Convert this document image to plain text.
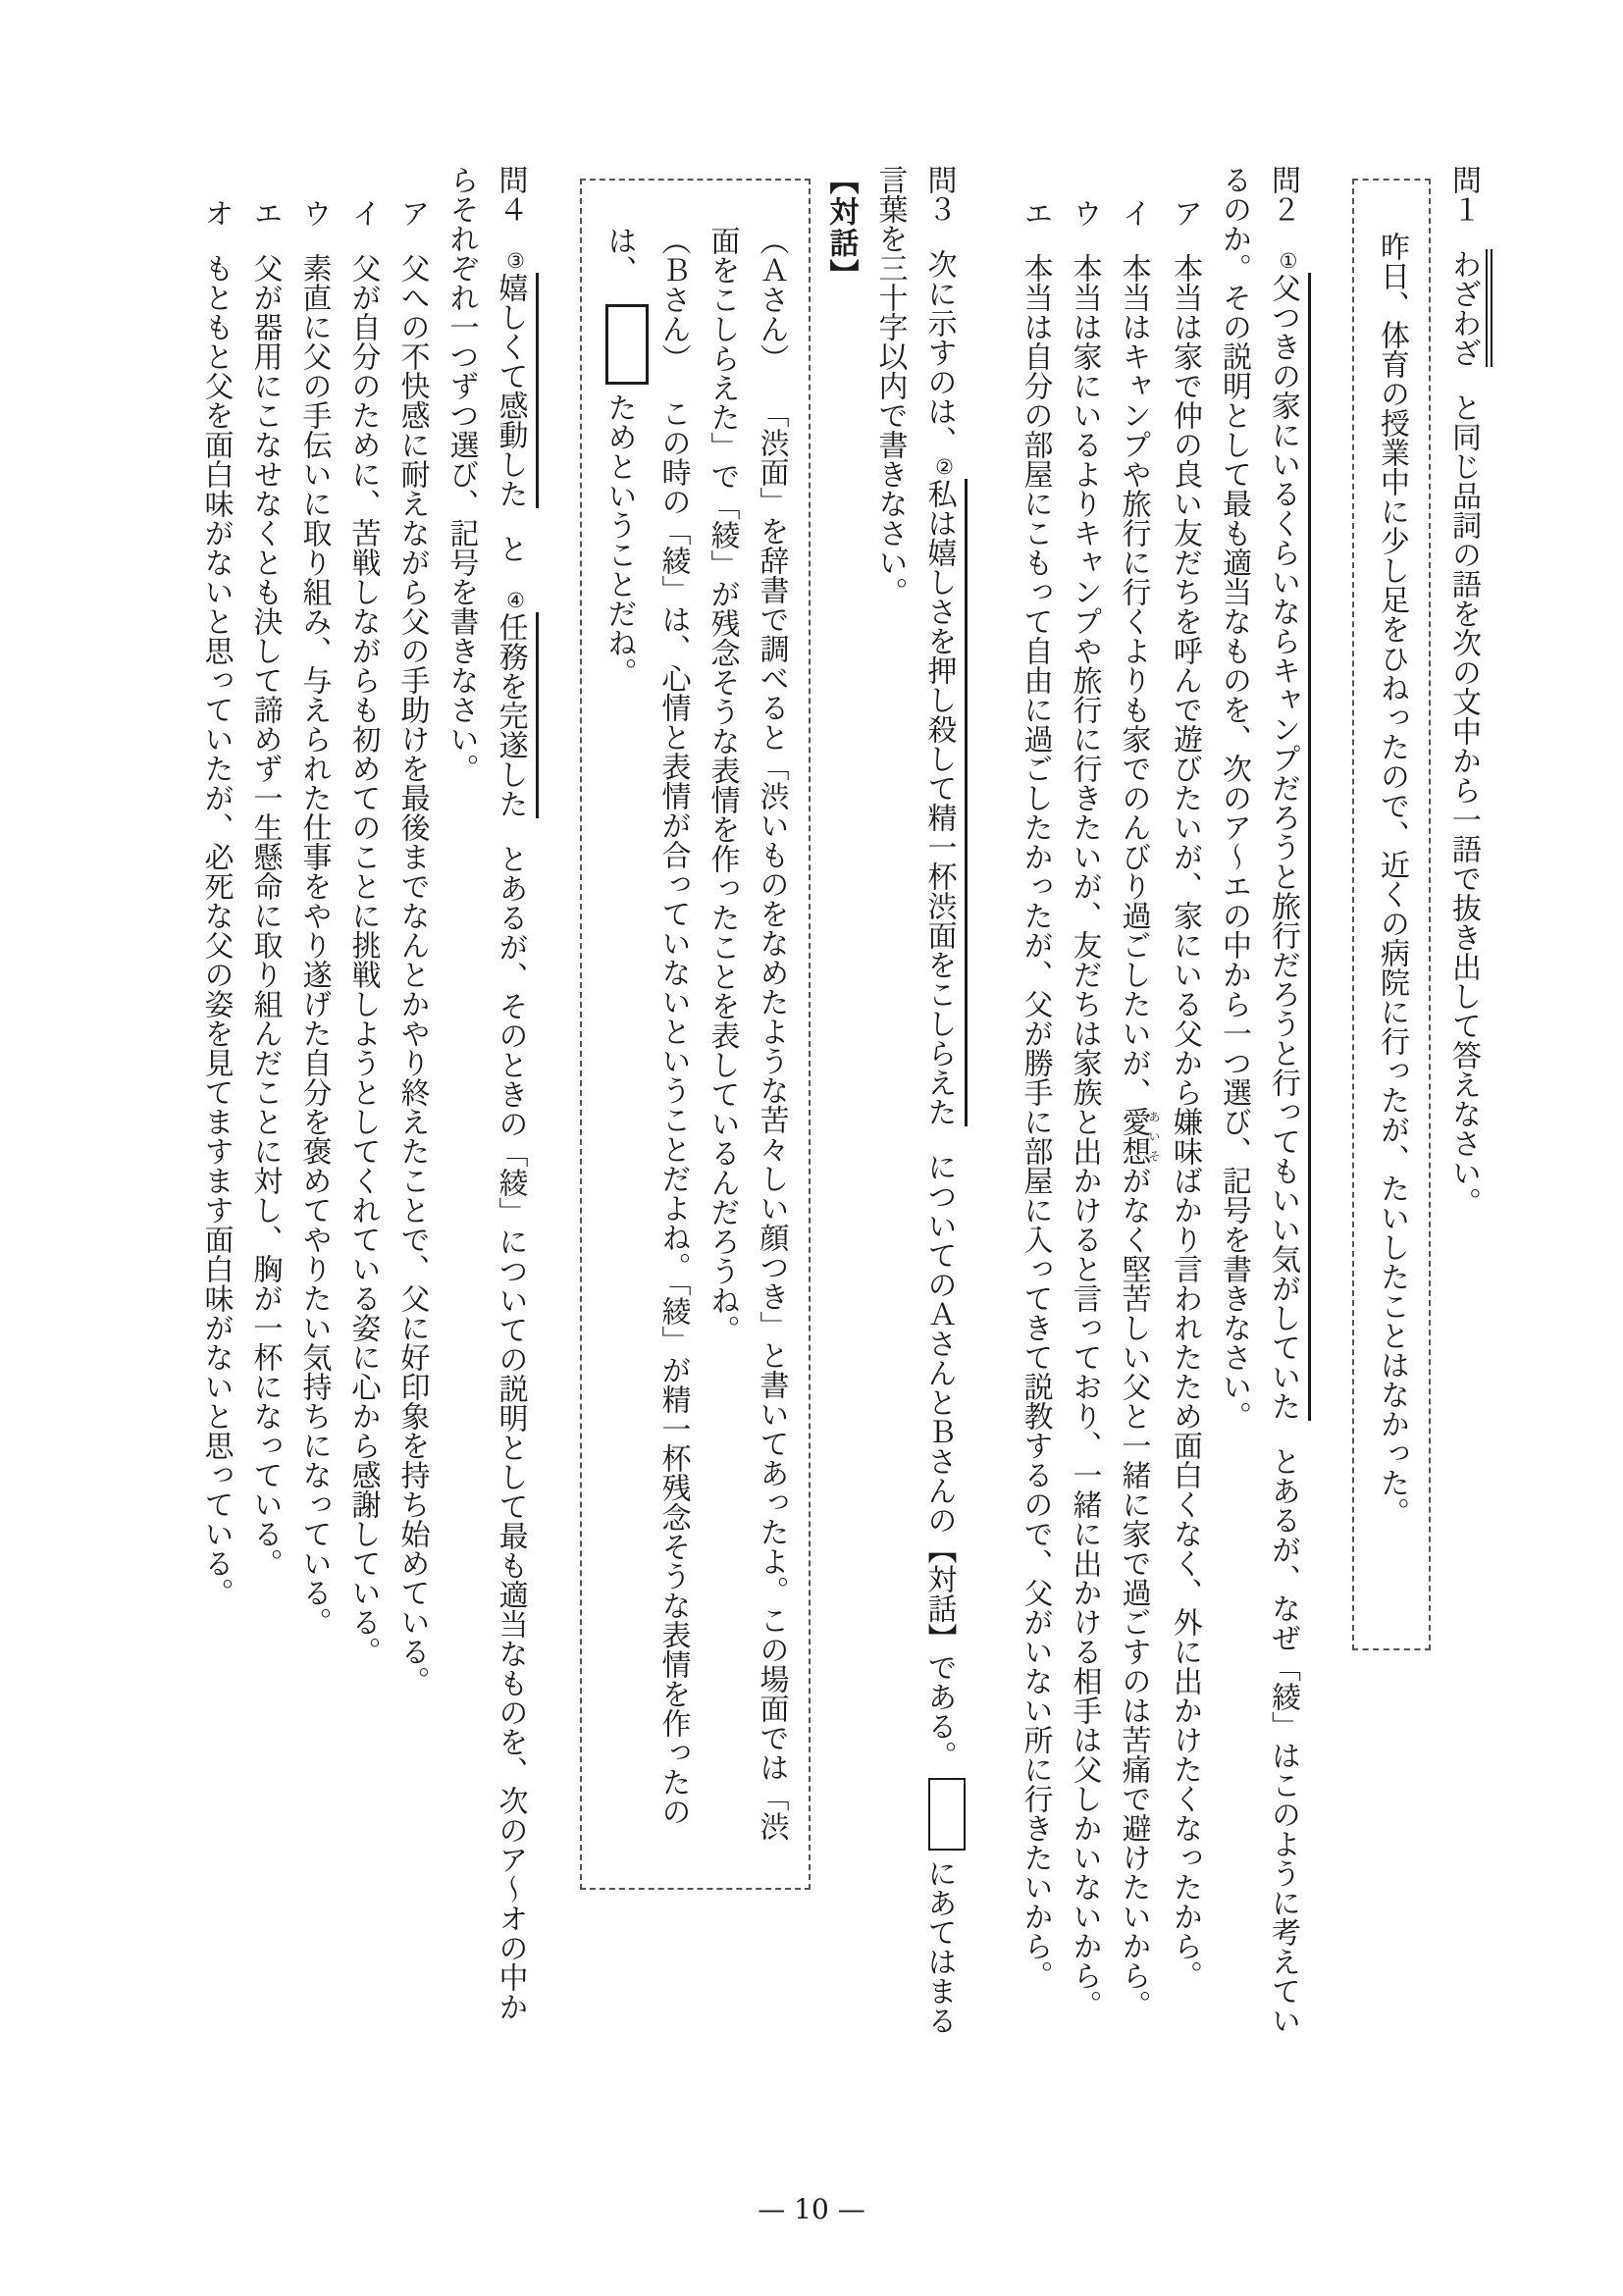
問１わざわざと同じ品詞の語を次の文中から一語で抜き出して答えなさい。
昨日、体育の授業中に少し足をひねったので、近くの病院に行ったが、たいしたことはなかった。
問２①父つきの家にいるくらいならキャンプだろうと旅行だろうと行ってもいい気がしていたとあるが、なぜ「綾」はこのように考えているのか。その説明として最も適当なものを、次のア～エの中から一つ選び、記号を書きなさい。
ア本当は家で仲の良い友だちを呼んで遊びたいが、家にいる父から嫌味ばかり言われたため面白くなく、外に出かけたくなったから。
イ本当はキャンプや旅行に行くよりも家でのんびり過ごしたいが、愛想あいそがなく堅苦しい父と一緒に家で過ごすのは苦痛で避けたいから。
ウ本当は家にいるよりキャンプや旅行に行きたいが、友だちは家族と出かけると言っており、一緒に出かける相手は父しかいないから。
エ本当は自分の部屋にこもって自由に過ごしたかったが、父が勝手に部屋に入ってきて説教するので、父がいない所に行きたいから。
問３次に示すのは、②私は嬉しさを押し殺して精一杯渋面をこしらえたについてのＡさんとＢさんの【対話】である。にあてはまる言葉を三十字以内で書きなさい。
【対話】
（Ａさん）「渋面」を辞書で調べると「渋いものをなめたような苦々しい顔つき」と書いてあったよ。この場面では「渋面をこしらえた」で「綾」が残念そうな表情を作ったことを表しているんだろうね。
（Ｂさん）この時の「綾」は、心情と表情が合っていないということだよね。「綾」が精一杯残念そうな表情を作ったのは、ためということだね。
問４③嬉しくて感動したと④任務を完遂したとあるが、そのときの「綾」についての説明として最も適当なものを、次のア～オの中からそれぞれ一つずつ選び、記号を書きなさい。
ア父への不快感に耐えながら父の手助けを最後までなんとかやり終えたことで、父に好印象を持ち始めている。
イ父が自分のために、苦戦しながらも初めてのことに挑戦しようとしてくれている姿に心から感謝している。
ウ素直に父の手伝いに取り組み、与えられた仕事をやり遂げた自分を褒めてやりたい気持ちになっている。
エ父が器用にこなせなくとも決して諦めず一生懸命に取り組んだことに対し、胸が一杯になっている。
オもともと父を面白味がないと思っていたが、必死な父の姿を見てますます面白味がないと思っている。
— 10 —
